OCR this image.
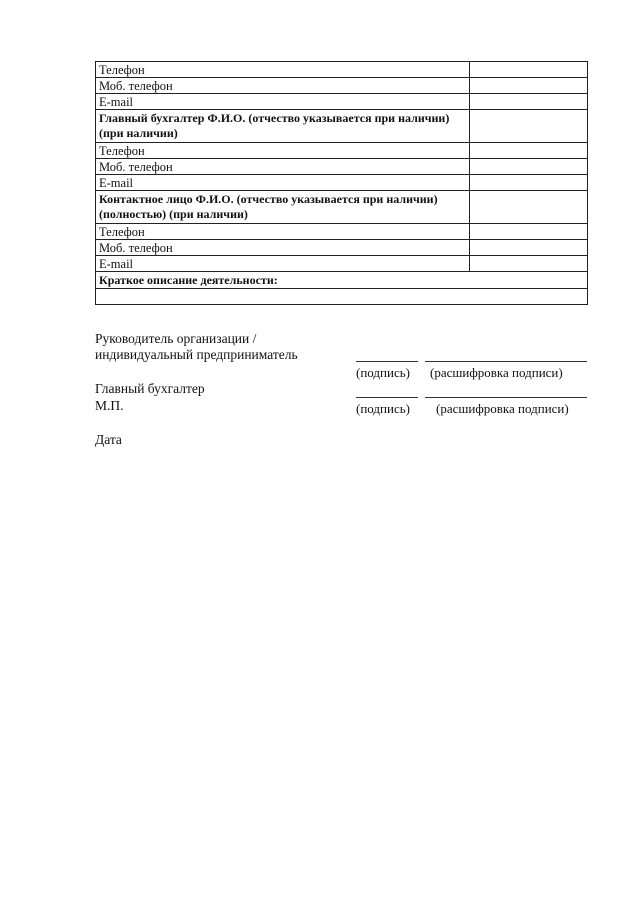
Телефон	
Моб. телефон	
E-mail	
Главный бухгалтер Ф.И.О. (отчество указывается при наличии) (при наличии)	
Телефон	
Моб. телефон	
E-mail	
Контактное лицо Ф.И.О. (отчество указывается при наличии) (полностью) (при наличии)	
Телефон	
Моб. телефон	
E-mail	
Краткое описание деятельности:	

Руководитель организации /
индивидуальный предприниматель
(подпись) (расшифровка подписи)
Главный бухгалтер
М.П.	(подпись) (расшифровка подписи)
Дата
